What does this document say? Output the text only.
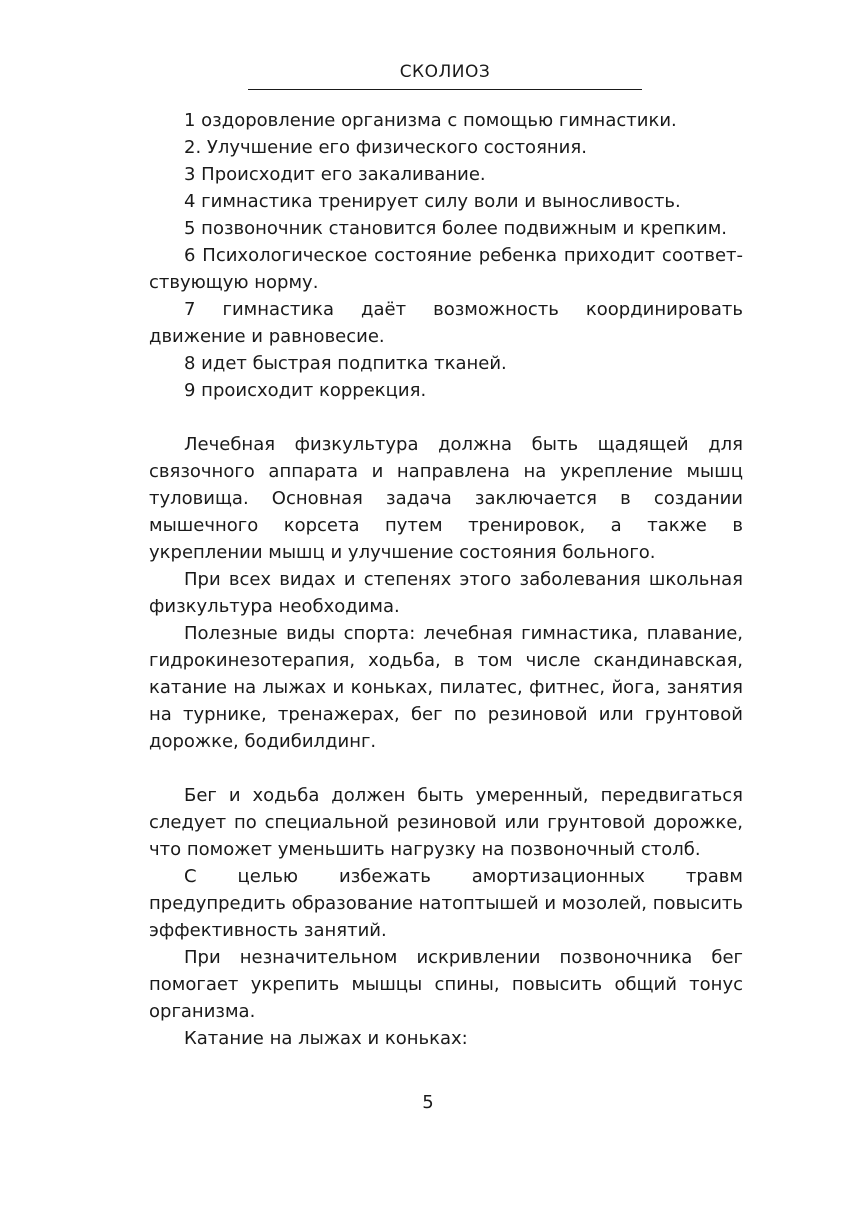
СКОЛИОЗ

1 оздоровление организма с помощью гимнастики.

2. Улучшение его физического состояния.

3 Происходит его закаливание.

4 гимнастика тренирует силу воли и выносливость.

5 позвоночник становится более подвижным и крепким.

6 Психологическое состояние ребенка приходит соответствующую норму.

7 гимнастика даёт возможность координировать движение и равновесие.

8 идет быстрая подпитка тканей.

9 происходит коррекция.

Лечебная физкультура должна быть щадящей для связочного аппарата и направлена на укрепление мышц туловища. Основная задача заключается в создании мышечного корсета путем тренировок, а также в укреплении мышц и улучшение состояния больного.

При всех видах и степенях этого заболевания школьная физкультура необходима.

Полезные виды спорта: лечебная гимнастика, плавание, гидрокинезотерапия, ходьба, в том числе скандинавская, катание на лыжах и коньках, пилатес, фитнес, йога, занятия на турнике, тренажерах, бег по резиновой или грунтовой дорожке, бодибилдинг.

Бег и ходьба должен быть умеренный, передвигаться следует по специальной резиновой или грунтовой дорожке, что поможет уменьшить нагрузку на позвоночный столб.

С целью избежать амортизационных травм предупредить образование натоптышей и мозолей, повысить эффективность занятий.

При незначительном искривлении позвоночника бег помогает укрепить мышцы спины, повысить общий тонус организма.

Катание на лыжах и коньках:

5
